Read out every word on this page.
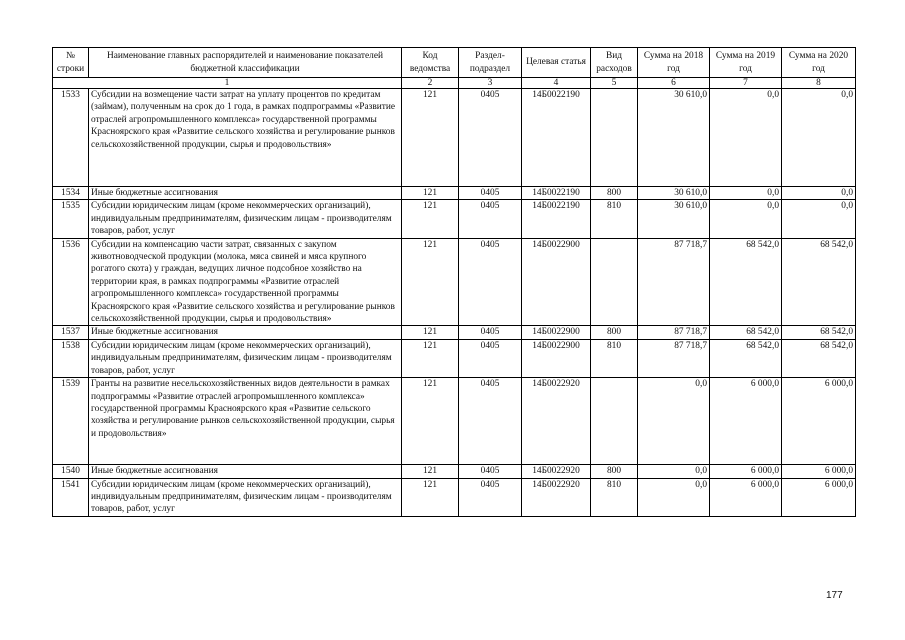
№ строки	Наименование главных распорядителей и наименование показателей бюджетной классификации	Код ведомства	Раздел-подраздел	Целевая статья	Вид расходов	Сумма на 2018 год	Сумма на 2019 год	Сумма на 2020 год
1		2	3	4	5	6	7	8
1533	Субсидии на возмещение части затрат на уплату процентов по кредитам (займам), полученным на срок до 1 года, в рамках подпрограммы «Развитие отраслей агропромышленного комплекса» государственной программы Красноярского края «Развитие сельского хозяйства и регулирование рынков сельскохозяйственной продукции, сырья и продовольствия»	121	0405	14Б0022190		30 610,0	0,0	0,0
1534	Иные бюджетные ассигнования	121	0405	14Б0022190	800	30 610,0	0,0	0,0
1535	Субсидии юридическим лицам (кроме некоммерческих организаций), индивидуальным предпринимателям, физическим лицам - производителям товаров, работ, услуг	121	0405	14Б0022190	810	30 610,0	0,0	0,0
1536	Субсидии на компенсацию части затрат, связанных с закупом животноводческой продукции (молока, мяса свиней и мяса крупного рогатого скота) у граждан, ведущих личное подсобное хозяйство на территории края, в рамках подпрограммы «Развитие отраслей агропромышленного комплекса» государственной программы Красноярского края «Развитие сельского хозяйства и регулирование рынков сельскохозяйственной продукции, сырья и продовольствия»	121	0405	14Б0022900		87 718,7	68 542,0	68 542,0
1537	Иные бюджетные ассигнования	121	0405	14Б0022900	800	87 718,7	68 542,0	68 542,0
1538	Субсидии юридическим лицам (кроме некоммерческих организаций), индивидуальным предпринимателям, физическим лицам - производителям товаров, работ, услуг	121	0405	14Б0022900	810	87 718,7	68 542,0	68 542,0
1539	Гранты на развитие несельскохозяйственных видов деятельности в рамках подпрограммы «Развитие отраслей агропромышленного комплекса» государственной программы Красноярского края «Развитие сельского хозяйства и регулирование рынков сельскохозяйственной продукции, сырья и продовольствия»	121	0405	14Б0022920		0,0	6 000,0	6 000,0
1540	Иные бюджетные ассигнования	121	0405	14Б0022920	800	0,0	6 000,0	6 000,0
1541	Субсидии юридическим лицам (кроме некоммерческих организаций), индивидуальным предпринимателям, физическим лицам - производителям товаров, работ, услуг	121	0405	14Б0022920	810	0,0	6 000,0	6 000,0
177
